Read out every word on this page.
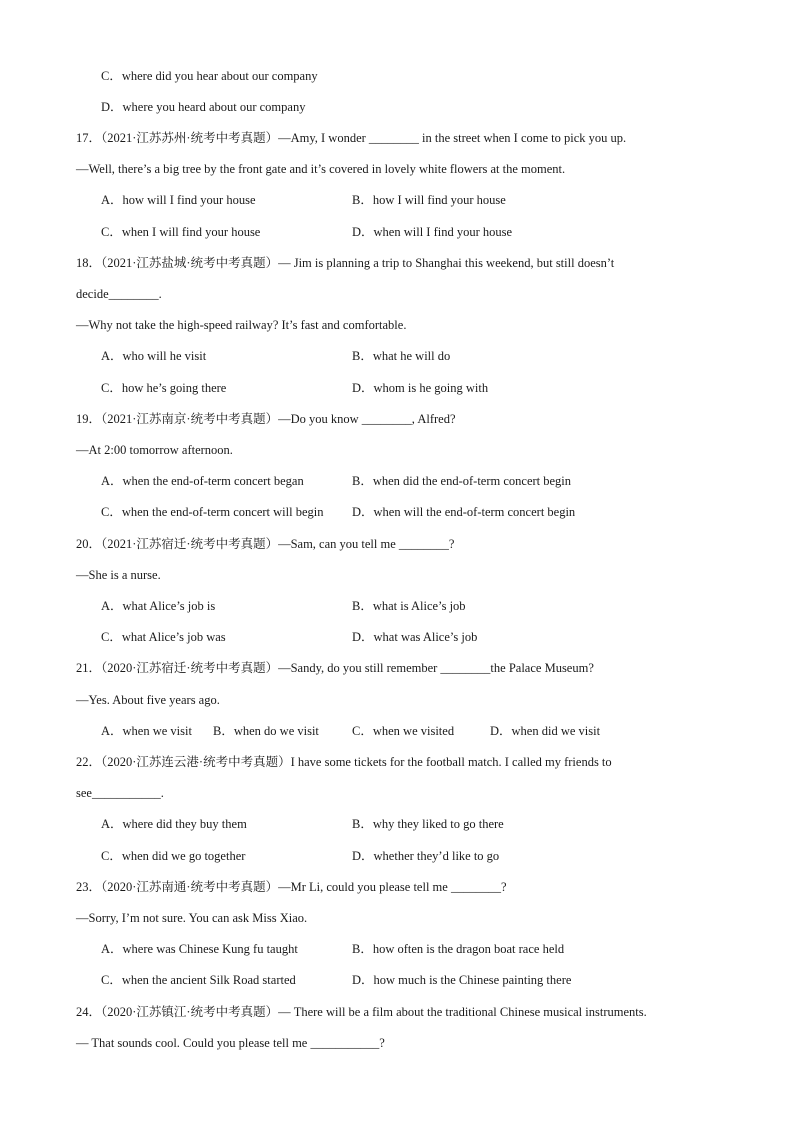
C．where did you hear about our company
D．where you heard about our company
17．（2021·江苏苏州·统考中考真题）—Amy, I wonder ________ in the street when I come to pick you up.
—Well, there’s a big tree by the front gate and it’s covered in lovely white flowers at the moment.
A．how will I find your house	B．how I will find your house
C．when I will find your house	D．when will I find your house
18．（2021·江苏盐城·统考中考真题）— Jim is planning a trip to Shanghai this weekend, but still doesn’t
decide________.
—Why not take the high-speed railway? It’s fast and comfortable.
A．who will he visit	B．what he will do
C．how he’s going there	D．whom is he going with
19．（2021·江苏南京·统考中考真题）—Do you know ________, Alfred?
—At 2:00 tomorrow afternoon.
A．when the end-of-term concert began	B．when did the end-of-term concert begin
C．when the end-of-term concert will begin D．when will the end-of-term concert begin
20．（2021·江苏宿迁·统考中考真题）—Sam, can you tell me ________?
—She is a nurse.
A．what Alice’s job is	B．what is Alice’s job
C．what Alice’s job was	D．what was Alice’s job
21．（2020·江苏宿迁·统考中考真题）—Sandy, do you still remember ________the Palace Museum?
—Yes. About five years ago.
A．when we visit B．when do we visit	C．when we visited	D．when did we visit
22．（2020·江苏连云港·统考中考真题）I have some tickets for the football match. I called my friends to
see___________.
A．where did they buy them	B．why they liked to go there
C．when did we go together	D．whether they’d like to go
23．（2020·江苏南通·统考中考真题）—Mr Li, could you please tell me ________?
—Sorry, I’m not sure. You can ask Miss Xiao.
A．where was Chinese Kung fu taught	B．how often is the dragon boat race held
C．when the ancient Silk Road started	D．how much is the Chinese painting there
24．（2020·江苏镇江·统考中考真题）— There will be a film about the traditional Chinese musical instruments.
— That sounds cool. Could you please tell me ___________?
